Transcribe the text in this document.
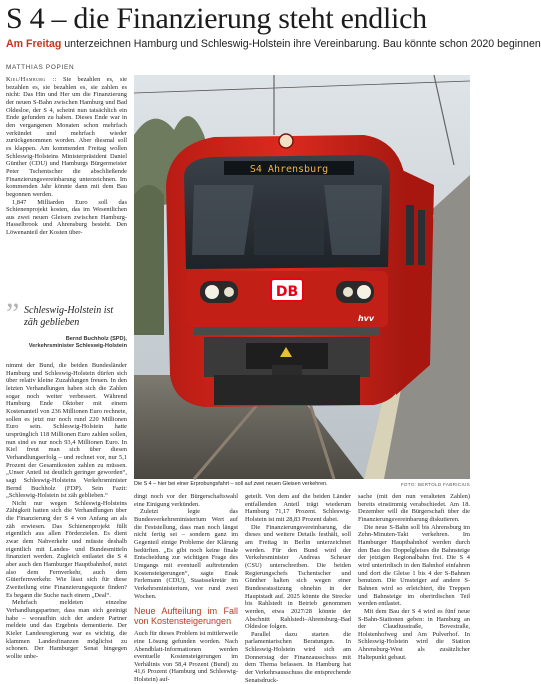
S 4 – die Finanzierung steht endlich
Am Freitag unterzeichnen Hamburg und Schleswig-Holstein ihre Vereinbarung. Bau könnte schon 2020 beginnen
MATTHIAS POPIEN

Kiel/Hamburg :: Sie bezahlen es, sie bezahlen es, sie bezahlen es, sie zahlen es nicht: Das Hin und Her um die Finanzierung der neuen S-Bahn zwischen Hamburg und Bad Oldesloe, der S 4, scheint nun tatsächlich ein Ende gefunden zu haben. Dieses Ende war in den vergangenen Monaten schon mehrfach verkündet und mehrfach wieder zurückgenommen worden. Aber diesmal soll es klappen. Am kommenden Freitag wollen Schleswig-Holsteins Ministerpräsident Daniel Günther (CDU) und Hamburgs Bürgermeister Peter Tschentscher die abschließende Finanzierungsvereinbarung unterzeichnen. Im kommenden Jahr könnte dann mit dem Bau begonnen werden.

1,847 Milliarden Euro soll das Schienenprojekt kosten, das im Wesentlichen aus zwei neuen Gleisen zwischen Hamburg-Hasselbrook und Ahrensburg besteht. Den Löwenanteil der Kosten über-

” Schleswig-Holstein ist zäh geblieben
Bernd Buchholz (SPD),
Verkehrsminister Schleswig-Holstein

nimmt der Bund, die beiden Bundesländer Hamburg und Schleswig-Holstein dürfen sich über relativ kleine Zuzahlungen freuen. In den letzten Verhandlungen haben sich die Zahlen sogar noch weiter verbessert. Während Hamburg Ende Oktober mit einem Kostenanteil von 236 Millionen Euro rechnete, sollen es jetzt nur noch rund 220 Millionen Euro sein. Schleswig-Holstein hatte ursprünglich 118 Millionen Euro zahlen sollen, nun sind es nur noch 93,4 Millionen Euro. In Kiel freut man sich über diesen Verhandlungserfolg – und rechnet vor, nur 5,1 Prozent der Gesamtkosten zahlen zu müssen. „Unser Anteil ist deutlich geringer geworden“, sagt Schleswig-Holsteins Verkehrsminister Bernd Buchholz (FDP). Sein Fazit: „Schleswig-Holstein ist zäh geblieben.“

Nicht nur wegen Schleswig-Holsteins Zähigkeit hatten sich die Verhandlungen über die Finanzierung der S 4 von Anfang an als zäh erwiesen. Das Schienenprojekt füllt eigentlich aus allen Förderzielen. Es dient zwar dem Nahverkehr und müsste deshalb eigentlich mit Landes- und Bundesmitteln finanziert werden. Zugleich entlastet die S 4 aber auch den Hamburger Hauptbahnhof, nutzt also dem Fernverkehr, auch dem Güterfernverkehr. Wie lässt sich für diese Zweiteilung eine Finanzierungsquote finden? Es begann die Suche nach einem „Deal“.

Mehrfach meldeten einzelne Verhandlungspartner, dass man sich geeinigt habe – woraufhin sich der andere Partner meldete und das Ergebnis dementierte. Der Kieler Landesregierung war es wichtig, die klammen Landesfinanzen möglichst zu schonen. Der Hamburger Senat hingegen wollte unbe-

S4 Ahrensburg
DB
hvv
Die S 4 – hier bei einer Erprobungsfahrt – soll auf zwei neuen Gleisen verkehren.	FOTO: BERTOLD FABRICIUS

dingt noch vor der Bürgerschaftswahl eine Einigung verkünden.

Zuletzt legte das Bundesverkehrsministerium Wert auf die Feststellung, dass man noch längst nicht fertig sei – sondern ganz im Gegenteil einige Probleme der Klärung bedürften. „Es gibt noch keine finale Entscheidung zur wichtigen Frage des Umgangs mit eventuell auftretenden Kostensteigerungen“, sagte Enak Ferlemann (CDU), Staatssekretär im Verkehrsministerium, vor rund zwei Wochen.

Neue Aufteilung im Fall von Kostensteigerungen

Auch für dieses Problem ist mittlerweile eine Lösung gefunden worden. Nach Abendblatt-Informationen werden eventuelle Kostensteigerungen im Verhältnis von 58,4 Prozent (Bund) zu 41,6 Prozent (Hamburg und Schleswig-Holstein) auf-

geteilt. Von dem auf die beiden Länder entfallenden Anteil trägt wiederum Hamburg 71,17 Prozent. Schleswig-Holstein ist mit 28,83 Prozent dabei.

Die Finanzierungsvereinbarung, die dieses und weitere Details festhält, soll am Freitag in Berlin unterzeichnet werden. Für den Bund wird der Verkehrsminister Andreas Scheuer (CSU) unterschreiben. Die beiden Regierungschefs Tschentscher und Günther halten sich wegen einer Bundesratssitzung ohnehin in der Hauptstadt auf. 2025 könnte die Strecke bis Rahlstedt in Betrieb genommen werden, etwa 2027/28 könnte der Abschnitt Rahlstedt–Ahrensburg–Bad Oldesloe folgen.

Parallel dazu starten die parlamentarischen Beratungen. In Schleswig-Holstein wird sich am Donnerstag der Finanzausschuss mit dem Thema befassen. In Hamburg hat der Verkehrsausschuss die entsprechende Senatsdruck-

sache (mit den nun veralteten Zahlen) bereits einstimmig verabschiedet. Am 18. Dezember will die Bürgerschaft über die Finanzierungsvereinbarung diskutieren.

Die neue S-Bahn soll bis Ahrensburg im Zehn-Minuten-Takt verkehren. Im Hamburger Hauptbahnhof werden durch den Bau des Doppelgleises die Bahnsteige der jetzigen Regionalbahn frei. Die S 4 wird unterirdisch in den Bahnhof einfahren und dort die Gleise 1 bis 4 der S-Bahnen benutzen. Die Umsteiger auf andere S-Bahnen wird so erleichtert, die Treppen und Bahnsteige im oberirdischen Teil werden entlastet.

Mit dem Bau der S 4 wird es fünf neue S-Bahn-Stationen geben: in Hamburg an der Claudiusstraße, Bovestraße, Holstenhofweg und Am Pulverhof. In Schleswig-Holstein wird die Station Ahrensburg-West als zusätzlicher Haltepunkt gebaut.
